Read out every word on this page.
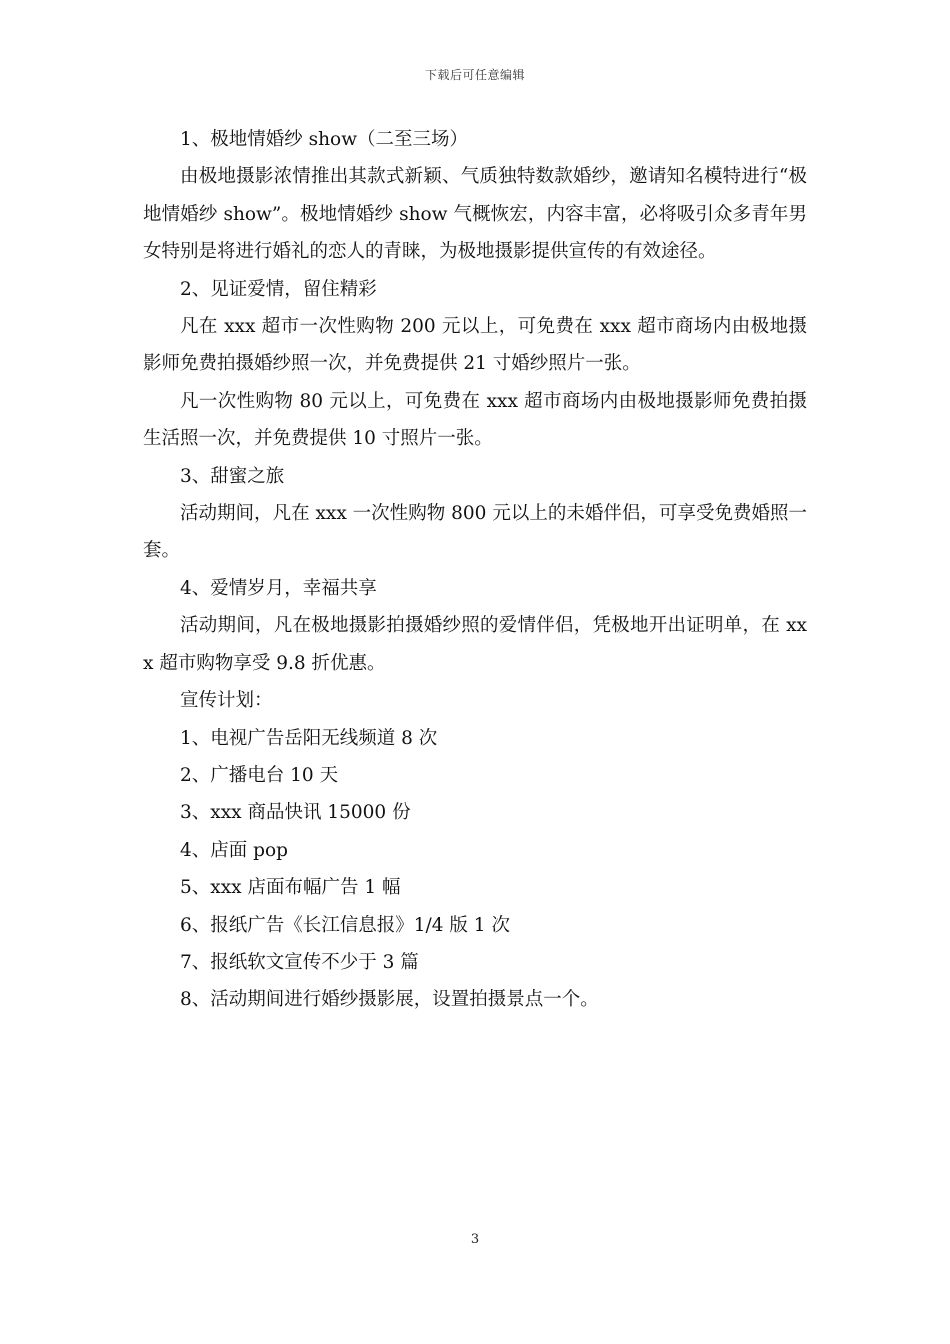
下载后可任意编辑

1、极地情婚纱 show（二至三场）

由极地摄影浓情推出其款式新颖、气质独特数款婚纱，邀请知名模特进行“极地情婚纱 show”。极地情婚纱 show 气概恢宏，内容丰富，必将吸引众多青年男女特别是将进行婚礼的恋人的青睐，为极地摄影提供宣传的有效途径。

2、见证爱情，留住精彩

凡在 xxx 超市一次性购物 200 元以上，可免费在 xxx 超市商场内由极地摄影师免费拍摄婚纱照一次，并免费提供 21 寸婚纱照片一张。

凡一次性购物 80 元以上，可免费在 xxx 超市商场内由极地摄影师免费拍摄生活照一次，并免费提供 10 寸照片一张。

3、甜蜜之旅

活动期间，凡在 xxx 一次性购物 800 元以上的未婚伴侣，可享受免费婚照一套。

4、爱情岁月，幸福共享

活动期间，凡在极地摄影拍摄婚纱照的爱情伴侣，凭极地开出证明单，在 xxx 超市购物享受 9.8 折优惠。

宣传计划：

1、电视广告岳阳无线频道 8 次

2、广播电台 10 天

3、xxx 商品快讯 15000 份

4、店面 pop

5、xxx 店面布幅广告 1 幅

6、报纸广告《长江信息报》1/4 版 1 次

7、报纸软文宣传不少于 3 篇

8、活动期间进行婚纱摄影展，设置拍摄景点一个。

3
